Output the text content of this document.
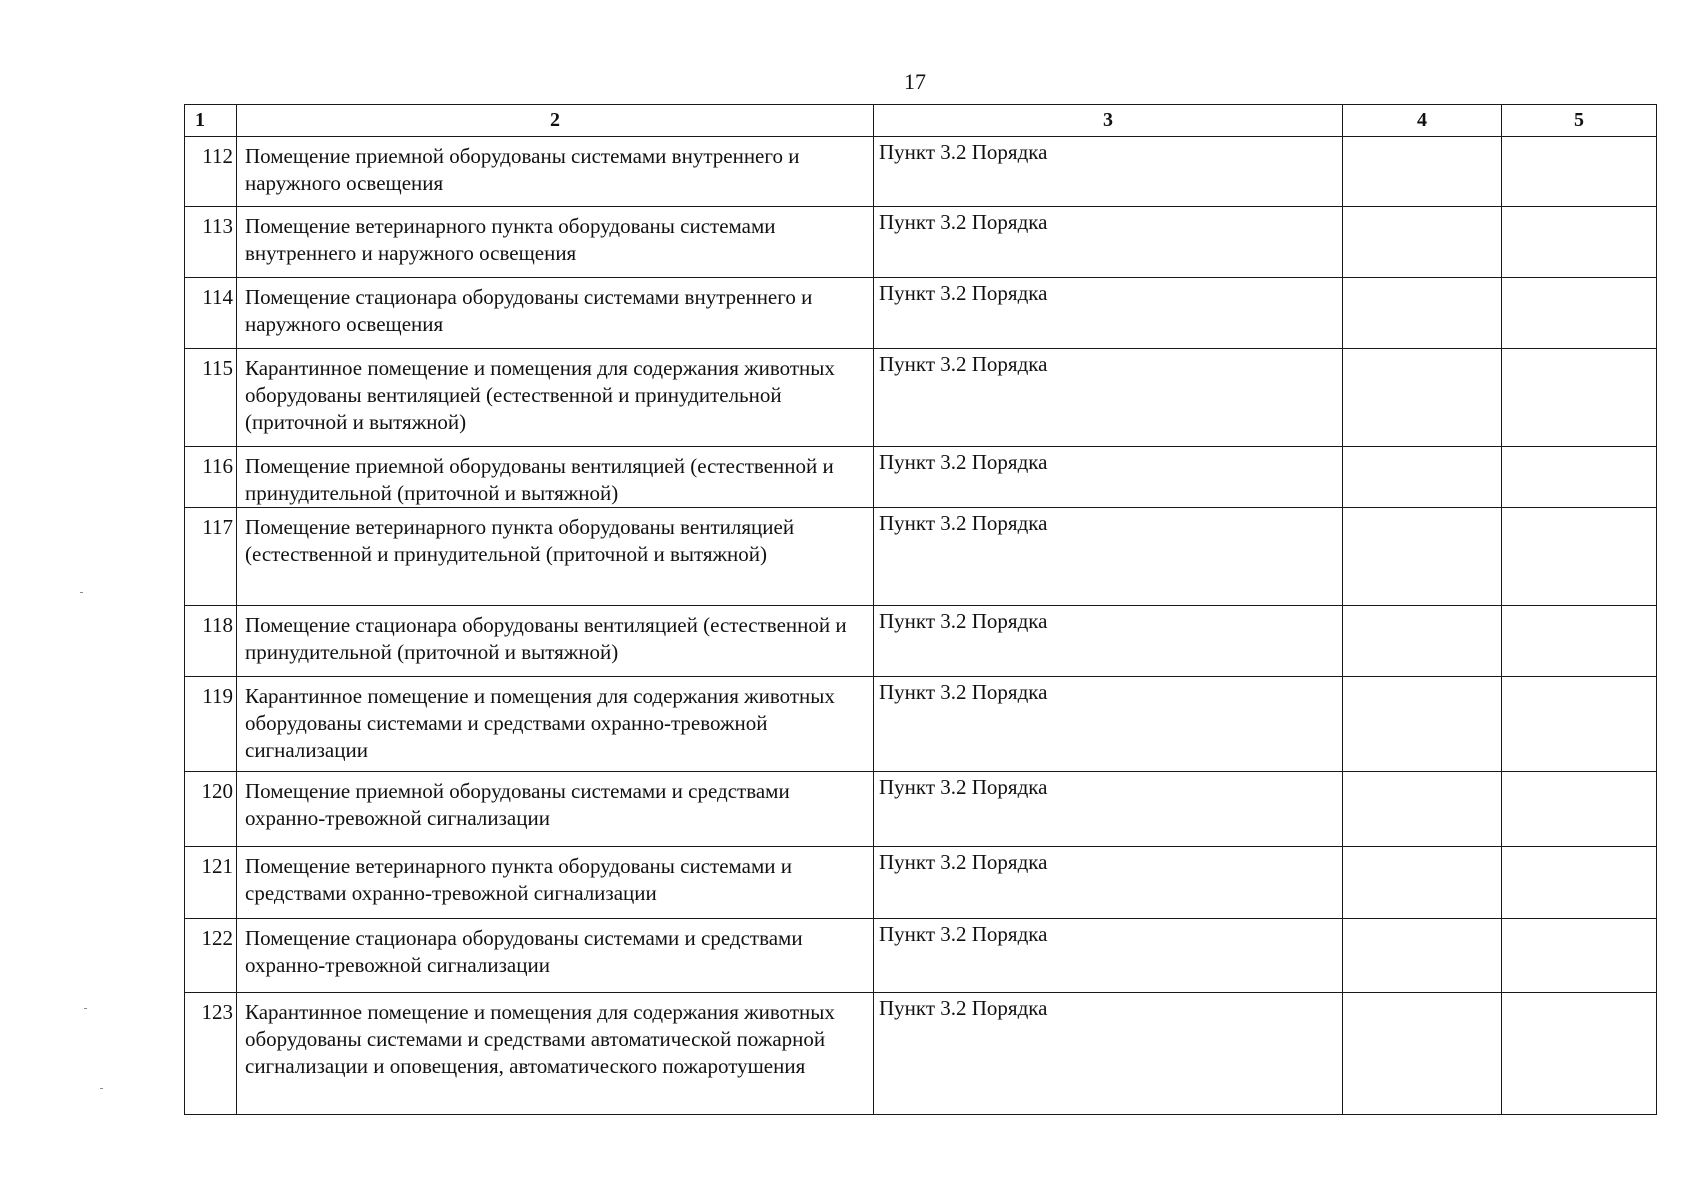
17
1	2	3	4	5
112	Помещение приемной оборудованы системами внутреннего и наружного освещения	Пункт 3.2 Порядка		
113	Помещение ветеринарного пункта оборудованы системами внутреннего и наружного освещения	Пункт 3.2 Порядка		
114	Помещение стационара оборудованы системами внутреннего и наружного освещения	Пункт 3.2 Порядка		
115	Карантинное помещение и помещения для содержания животных оборудованы вентиляцией (естественной и принудительной (приточной и вытяжной)	Пункт 3.2 Порядка		
116	Помещение приемной оборудованы вентиляцией (естественной и принудительной (приточной и вытяжной)	Пункт 3.2 Порядка		
117	Помещение ветеринарного пункта оборудованы вентиляцией (естественной и принудительной (приточной и вытяжной)	Пункт 3.2 Порядка		
118	Помещение стационара оборудованы вентиляцией (естественной и принудительной (приточной и вытяжной)	Пункт 3.2 Порядка		
119	Карантинное помещение и помещения для содержания животных оборудованы системами и средствами охранно-тревожной сигнализации	Пункт 3.2 Порядка		
120	Помещение приемной оборудованы системами и средствами охранно-тревожной сигнализации	Пункт 3.2 Порядка		
121	Помещение ветеринарного пункта оборудованы системами и средствами охранно-тревожной сигнализации	Пункт 3.2 Порядка		
122	Помещение стационара оборудованы системами и средствами охранно-тревожной сигнализации	Пункт 3.2 Порядка		
123	Карантинное помещение и помещения для содержания животных оборудованы системами и средствами автоматической пожарной сигнализации и оповещения, автоматического пожаротушения	Пункт 3.2 Порядка		
